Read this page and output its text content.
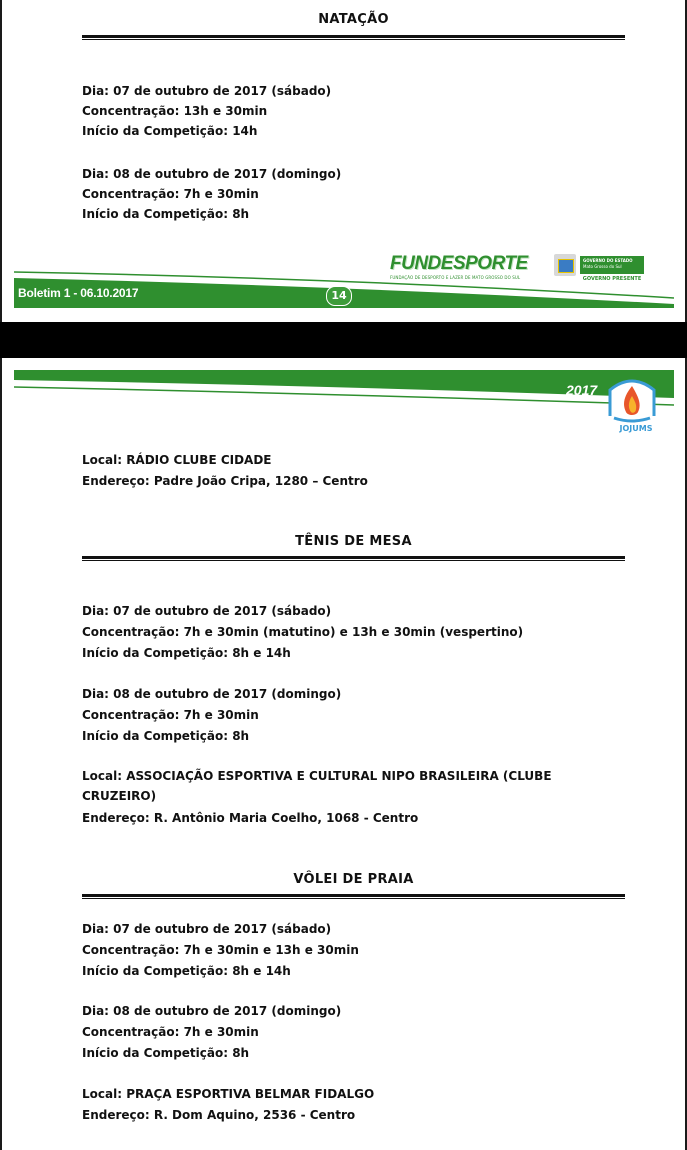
NATAÇÃO
Dia: 07 de outubro de 2017 (sábado)
Concentração: 13h e 30min
Início da Competição: 14h
Dia: 08 de outubro de 2017 (domingo)
Concentração: 7h e 30min
Início da Competição: 8h
Boletim 1 - 06.10.2017	14
FUNDESPORTE
FUNDAÇÃO DE DESPORTO E LAZER DE MATO GROSSO DO SUL
GOVERNO DO ESTADO
Mato Grosso do Sul
GOVERNO PRESENTE
2017
JOJUMS
Local: RÁDIO CLUBE CIDADE
Endereço: Padre João Cripa, 1280 – Centro
TÊNIS DE MESA
Dia: 07 de outubro de 2017 (sábado)
Concentração: 7h e 30min (matutino) e 13h e 30min (vespertino)
Início da Competição: 8h e 14h
Dia: 08 de outubro de 2017 (domingo)
Concentração: 7h e 30min
Início da Competição: 8h
Local: ASSOCIAÇÃO ESPORTIVA E CULTURAL NIPO BRASILEIRA (CLUBE CRUZEIRO)
Endereço: R. Antônio Maria Coelho, 1068 - Centro
VÔLEI DE PRAIA
Dia: 07 de outubro de 2017 (sábado)
Concentração: 7h e 30min e 13h e 30min
Início da Competição: 8h e 14h
Dia: 08 de outubro de 2017 (domingo)
Concentração: 7h e 30min
Início da Competição: 8h
Local: PRAÇA ESPORTIVA BELMAR FIDALGO
Endereço: R. Dom Aquino, 2536 - Centro
